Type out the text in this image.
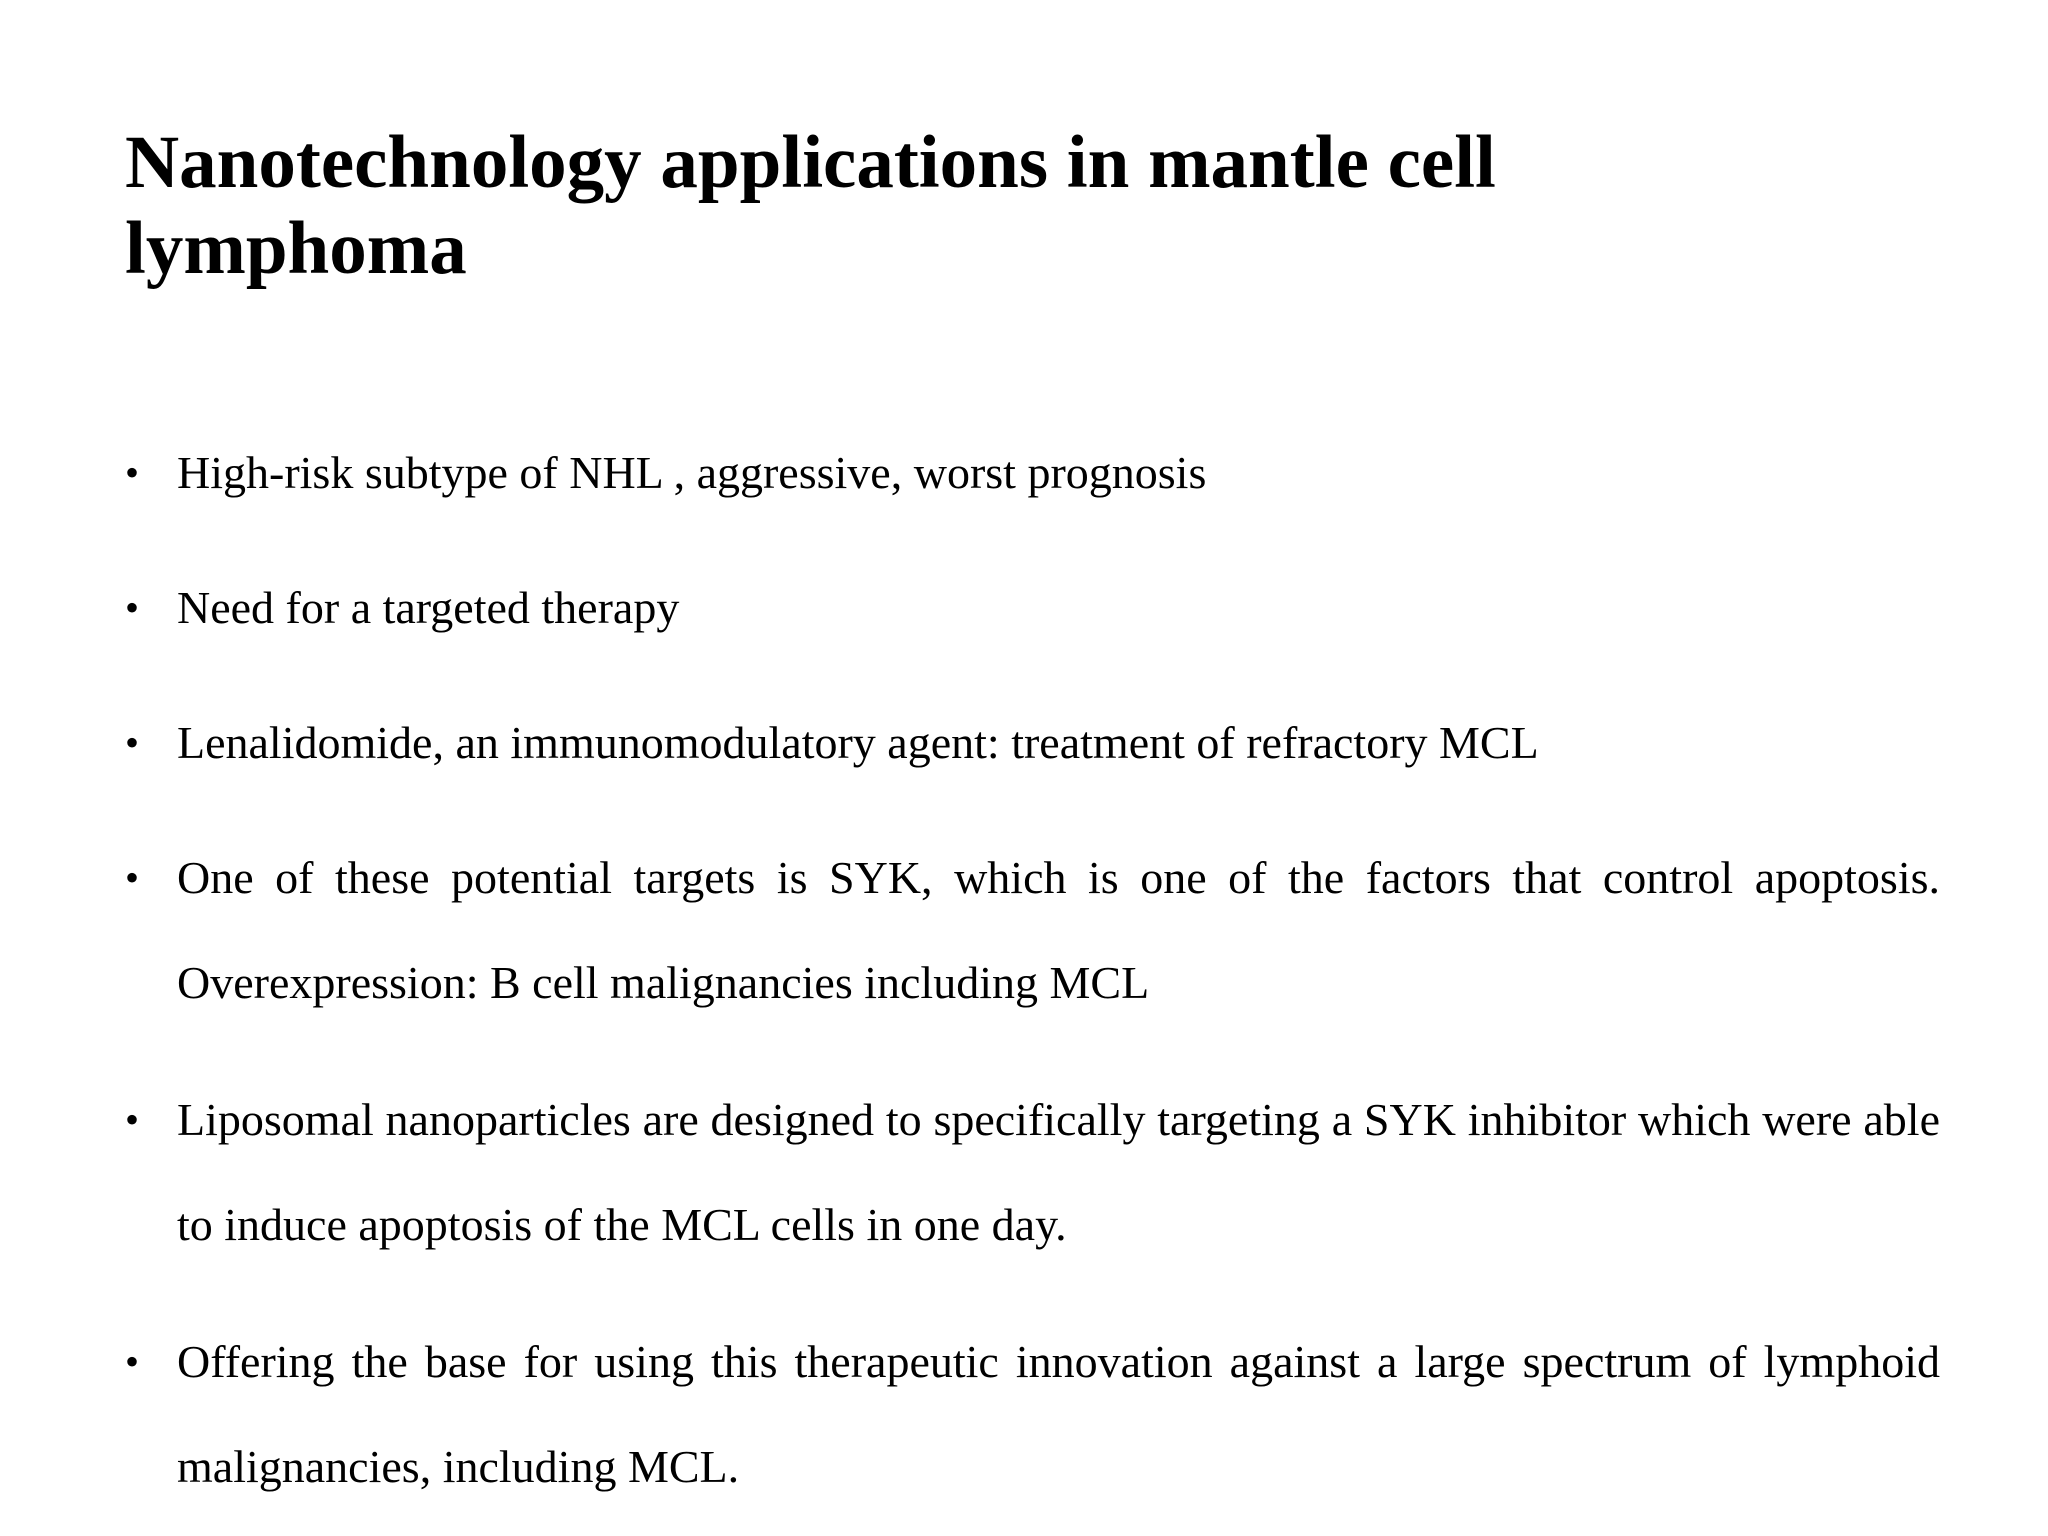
Nanotechnology applications in mantle cell lymphoma
• High-risk subtype of NHL , aggressive, worst prognosis
• Need for a targeted therapy
• Lenalidomide, an immunomodulatory agent: treatment of refractory MCL
• One of these potential targets is SYK, which is one of the factors that control apoptosis. Overexpression: B cell malignancies including MCL
• Liposomal nanoparticles are designed to specifically targeting a SYK inhibitor which were able to induce apoptosis of the MCL cells in one day.
• Offering the base for using this therapeutic innovation against a large spectrum of lymphoid malignancies, including MCL.
